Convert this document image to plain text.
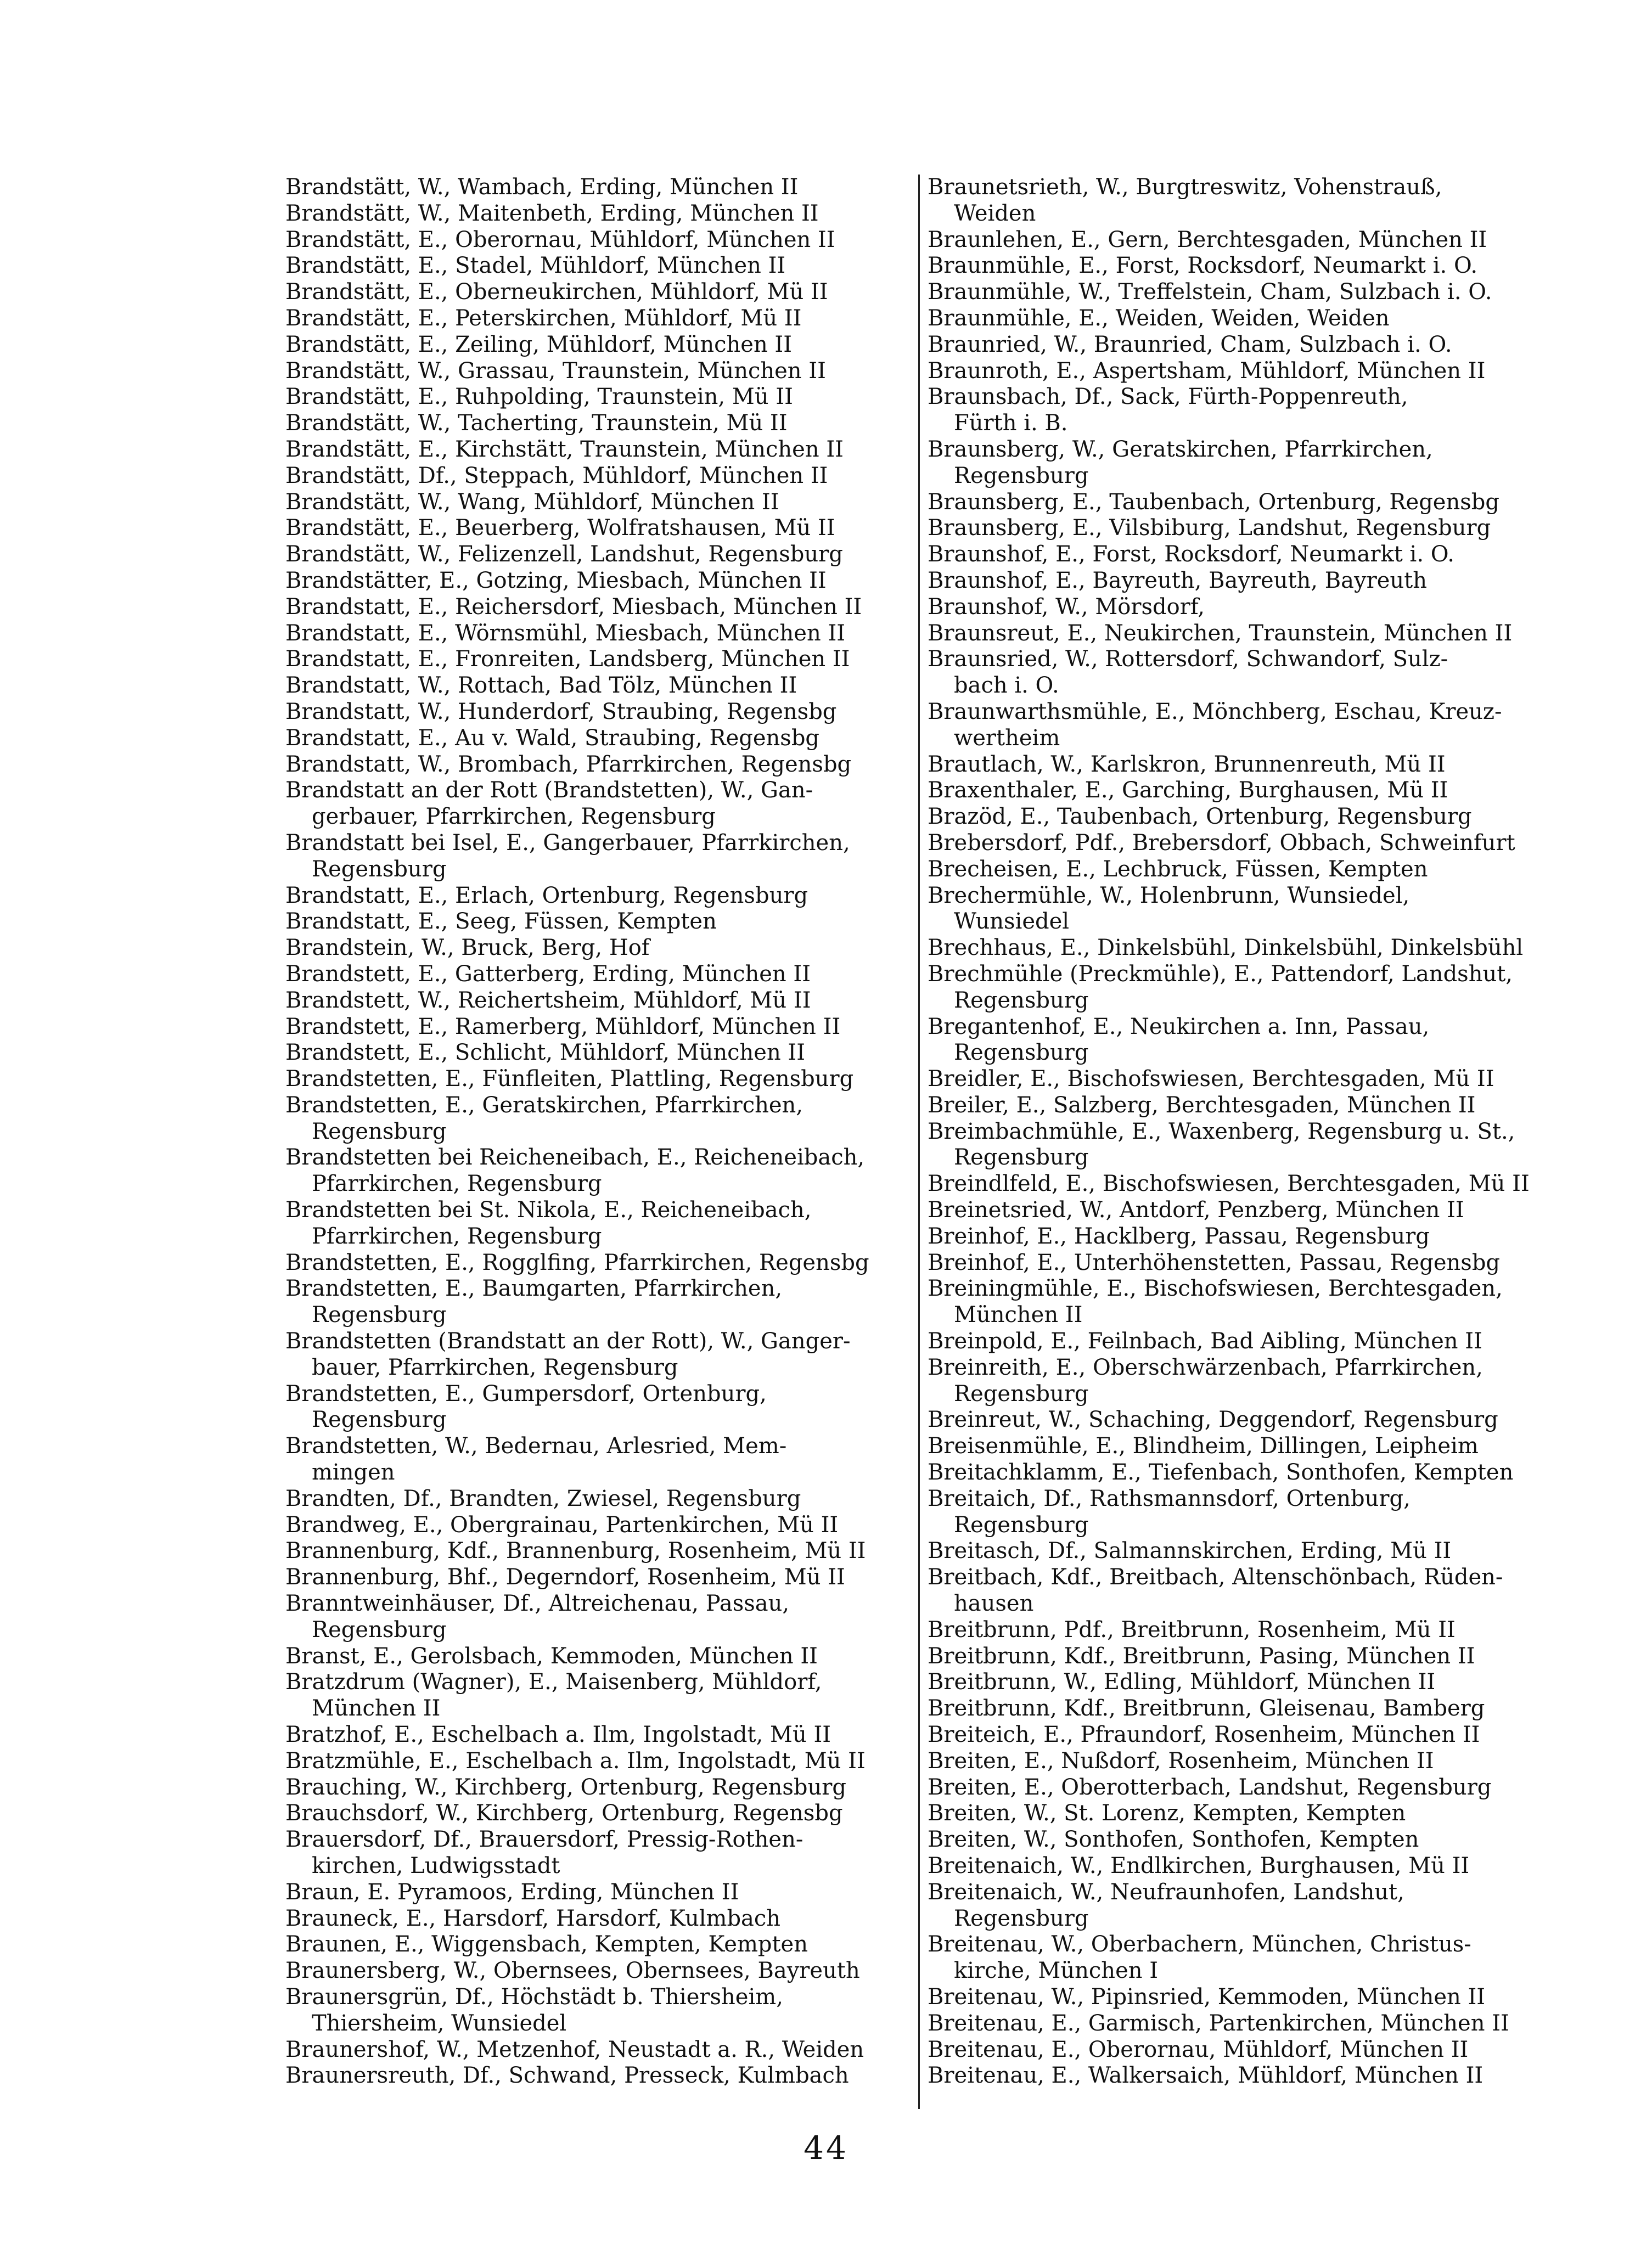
Brandstätt, W., Wambach, Erding, München II
Brandstätt, W., Maitenbeth, Erding, München II
Brandstätt, E., Oberornau, Mühldorf, München II
Brandstätt, E., Stadel, Mühldorf, München II
Brandstätt, E., Oberneukirchen, Mühldorf, Mü II
Brandstätt, E., Peterskirchen, Mühldorf, Mü II
Brandstätt, E., Zeiling, Mühldorf, München II
Brandstätt, W., Grassau, Traunstein, München II
Brandstätt, E., Ruhpolding, Traunstein, Mü II
Brandstätt, W., Tacherting, Traunstein, Mü II
Brandstätt, E., Kirchstätt, Traunstein, München II
Brandstätt, Df., Steppach, Mühldorf, München II
Brandstätt, W., Wang, Mühldorf, München II
Brandstätt, E., Beuerberg, Wolfratshausen, Mü II
Brandstätt, W., Felizenzell, Landshut, Regensburg
Brandstätter, E., Gotzing, Miesbach, München II
Brandstatt, E., Reichersdorf, Miesbach, München II
Brandstatt, E., Wörnsmühl, Miesbach, München II
Brandstatt, E., Fronreiten, Landsberg, München II
Brandstatt, W., Rottach, Bad Tölz, München II
Brandstatt, W., Hunderdorf, Straubing, Regensbg
Brandstatt, E., Au v. Wald, Straubing, Regensbg
Brandstatt, W., Brombach, Pfarrkirchen, Regensbg
Brandstatt an der Rott (Brandstetten), W., Gan-
gerbauer, Pfarrkirchen, Regensburg
Brandstatt bei Isel, E., Gangerbauer, Pfarrkirchen,
Regensburg
Brandstatt, E., Erlach, Ortenburg, Regensburg
Brandstatt, E., Seeg, Füssen, Kempten
Brandstein, W., Bruck, Berg, Hof
Brandstett, E., Gatterberg, Erding, München II
Brandstett, W., Reichertsheim, Mühldorf, Mü II
Brandstett, E., Ramerberg, Mühldorf, München II
Brandstett, E., Schlicht, Mühldorf, München II
Brandstetten, E., Fünfleiten, Plattling, Regensburg
Brandstetten, E., Geratskirchen, Pfarrkirchen,
Regensburg
Brandstetten bei Reicheneibach, E., Reicheneibach,
Pfarrkirchen, Regensburg
Brandstetten bei St. Nikola, E., Reicheneibach,
Pfarrkirchen, Regensburg
Brandstetten, E., Rogglfing, Pfarrkirchen, Regensbg
Brandstetten, E., Baumgarten, Pfarrkirchen,
Regensburg
Brandstetten (Brandstatt an der Rott), W., Ganger-
bauer, Pfarrkirchen, Regensburg
Brandstetten, E., Gumpersdorf, Ortenburg,
Regensburg
Brandstetten, W., Bedernau, Arlesried, Mem-
mingen
Brandten, Df., Brandten, Zwiesel, Regensburg
Brandweg, E., Obergrainau, Partenkirchen, Mü II
Brannenburg, Kdf., Brannenburg, Rosenheim, Mü II
Brannenburg, Bhf., Degerndorf, Rosenheim, Mü II
Branntweinhäuser, Df., Altreichenau, Passau,
Regensburg
Branst, E., Gerolsbach, Kemmoden, München II
Bratzdrum (Wagner), E., Maisenberg, Mühldorf,
München II
Bratzhof, E., Eschelbach a. Ilm, Ingolstadt, Mü II
Bratzmühle, E., Eschelbach a. Ilm, Ingolstadt, Mü II
Brauching, W., Kirchberg, Ortenburg, Regensburg
Brauchsdorf, W., Kirchberg, Ortenburg, Regensbg
Brauersdorf, Df., Brauersdorf, Pressig-Rothen-
kirchen, Ludwigsstadt
Braun, E. Pyramoos, Erding, München II
Brauneck, E., Harsdorf, Harsdorf, Kulmbach
Braunen, E., Wiggensbach, Kempten, Kempten
Braunersberg, W., Obernsees, Obernsees, Bayreuth
Braunersgrün, Df., Höchstädt b. Thiersheim,
Thiersheim, Wunsiedel
Braunershof, W., Metzenhof, Neustadt a. R., Weiden
Braunersreuth, Df., Schwand, Presseck, Kulmbach
Braunetsrieth, W., Burgtreswitz, Vohenstrauß,
Weiden
Braunlehen, E., Gern, Berchtesgaden, München II
Braunmühle, E., Forst, Rocksdorf, Neumarkt i. O.
Braunmühle, W., Treffelstein, Cham, Sulzbach i. O.
Braunmühle, E., Weiden, Weiden, Weiden
Braunried, W., Braunried, Cham, Sulzbach i. O.
Braunroth, E., Aspertsham, Mühldorf, München II
Braunsbach, Df., Sack, Fürth-Poppenreuth,
Fürth i. B.
Braunsberg, W., Geratskirchen, Pfarrkirchen,
Regensburg
Braunsberg, E., Taubenbach, Ortenburg, Regensbg
Braunsberg, E., Vilsbiburg, Landshut, Regensburg
Braunshof, E., Forst, Rocksdorf, Neumarkt i. O.
Braunshof, E., Bayreuth, Bayreuth, Bayreuth
Braunshof, W., Mörsdorf,
Braunsreut, E., Neukirchen, Traunstein, München II
Braunsried, W., Rottersdorf, Schwandorf, Sulz-
bach i. O.
Braunwarthsmühle, E., Mönchberg, Eschau, Kreuz-
wertheim
Brautlach, W., Karlskron, Brunnenreuth, Mü II
Braxenthaler, E., Garching, Burghausen, Mü II
Brazöd, E., Taubenbach, Ortenburg, Regensburg
Brebersdorf, Pdf., Brebersdorf, Obbach, Schweinfurt
Brecheisen, E., Lechbruck, Füssen, Kempten
Brechermühle, W., Holenbrunn, Wunsiedel,
Wunsiedel
Brechhaus, E., Dinkelsbühl, Dinkelsbühl, Dinkelsbühl
Brechmühle (Preckmühle), E., Pattendorf, Landshut,
Regensburg
Bregantenhof, E., Neukirchen a. Inn, Passau,
Regensburg
Breidler, E., Bischofswiesen, Berchtesgaden, Mü II
Breiler, E., Salzberg, Berchtesgaden, München II
Breimbachmühle, E., Waxenberg, Regensburg u. St.,
Regensburg
Breindlfeld, E., Bischofswiesen, Berchtesgaden, Mü II
Breinetsried, W., Antdorf, Penzberg, München II
Breinhof, E., Hacklberg, Passau, Regensburg
Breinhof, E., Unterhöhenstetten, Passau, Regensbg
Breiningmühle, E., Bischofswiesen, Berchtesgaden,
München II
Breinpold, E., Feilnbach, Bad Aibling, München II
Breinreith, E., Oberschwärzenbach, Pfarrkirchen,
Regensburg
Breinreut, W., Schaching, Deggendorf, Regensburg
Breisenmühle, E., Blindheim, Dillingen, Leipheim
Breitachklamm, E., Tiefenbach, Sonthofen, Kempten
Breitaich, Df., Rathsmannsdorf, Ortenburg,
Regensburg
Breitasch, Df., Salmannskirchen, Erding, Mü II
Breitbach, Kdf., Breitbach, Altenschönbach, Rüden-
hausen
Breitbrunn, Pdf., Breitbrunn, Rosenheim, Mü II
Breitbrunn, Kdf., Breitbrunn, Pasing, München II
Breitbrunn, W., Edling, Mühldorf, München II
Breitbrunn, Kdf., Breitbrunn, Gleisenau, Bamberg
Breiteich, E., Pfraundorf, Rosenheim, München II
Breiten, E., Nußdorf, Rosenheim, München II
Breiten, E., Oberotterbach, Landshut, Regensburg
Breiten, W., St. Lorenz, Kempten, Kempten
Breiten, W., Sonthofen, Sonthofen, Kempten
Breitenaich, W., Endlkirchen, Burghausen, Mü II
Breitenaich, W., Neufraunhofen, Landshut,
Regensburg
Breitenau, W., Oberbachern, München, Christus-
kirche, München I
Breitenau, W., Pipinsried, Kemmoden, München II
Breitenau, E., Garmisch, Partenkirchen, München II
Breitenau, E., Oberornau, Mühldorf, München II
Breitenau, E., Walkersaich, Mühldorf, München II
44
